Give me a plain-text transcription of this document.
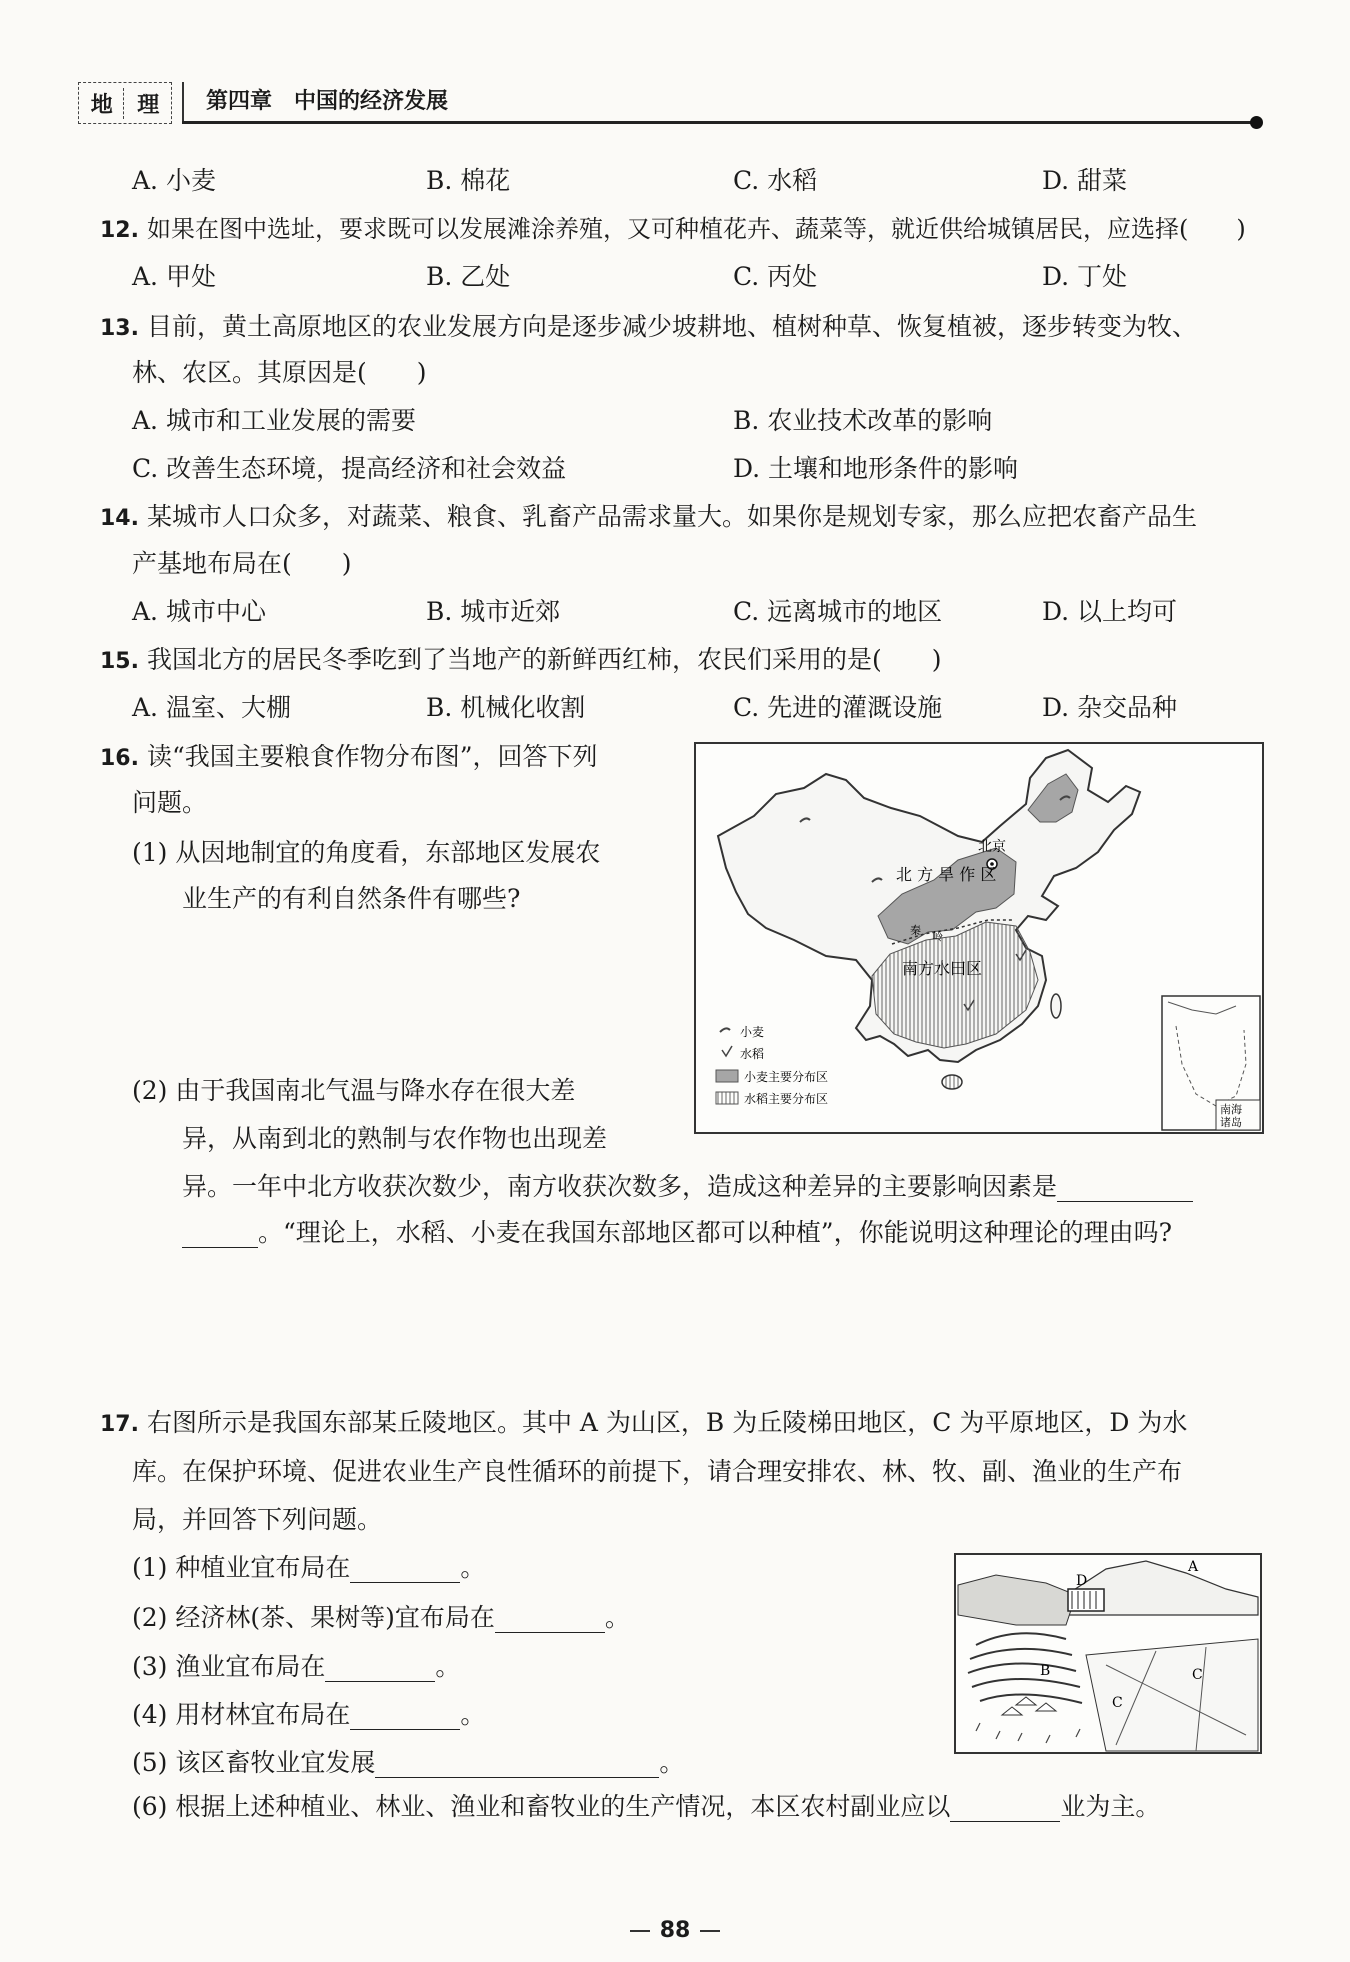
地	理	第四章　中国的经济发展
A. 小麦	B. 棉花	C. 水稻	D. 甜菜
12. 如果在图中选址，要求既可以发展滩涂养殖，又可种植花卉、蔬菜等，就近供给城镇居民，应选择(　　)
A. 甲处	B. 乙处	C. 丙处	D. 丁处
13. 目前，黄土高原地区的农业发展方向是逐步减少坡耕地、植树种草、恢复植被，逐步转变为牧、
林、农区。其原因是(　　)
A. 城市和工业发展的需要	B. 农业技术改革的影响
C. 改善生态环境，提高经济和社会效益	D. 土壤和地形条件的影响
14. 某城市人口众多，对蔬菜、粮食、乳畜产品需求量大。如果你是规划专家，那么应把农畜产品生
产基地布局在(　　)
A. 城市中心	B. 城市近郊	C. 远离城市的地区	D. 以上均可
15. 我国北方的居民冬季吃到了当地产的新鲜西红柿，农民们采用的是(　　)
A. 温室、大棚	B. 机械化收割	C. 先进的灌溉设施	D. 杂交品种
16. 读“我国主要粮食作物分布图”，回答下列
问题。
(1) 从因地制宜的角度看，东部地区发展农
业生产的有利自然条件有哪些?
(2) 由于我国南北气温与降水存在很大差
异，从南到北的熟制与农作物也出现差
异。一年中北方收获次数少，南方收获次数多，造成这种差异的主要影响因素是
。“理论上，水稻、小麦在我国东部地区都可以种植”，你能说明这种理论的理由吗?
北京
北 方 旱 作 区
秦 岭
南方水田区
小麦
水稻
小麦主要分布区
水稻主要分布区
南海
诸岛
17. 右图所示是我国东部某丘陵地区。其中 A 为山区，B 为丘陵梯田地区，C 为平原地区，D 为水
库。在保护环境、促进农业生产良性循环的前提下，请合理安排农、林、牧、副、渔业的生产布
局，并回答下列问题。
(1) 种植业宜布局在	。
(2) 经济林(茶、果树等)宜布局在	。
(3) 渔业宜布局在	。
(4) 用材林宜布局在	。
(5) 该区畜牧业宜发展	。
(6) 根据上述种植业、林业、渔业和畜牧业的生产情况，本区农村副业应以	业为主。
A
B	C
C
D
88
